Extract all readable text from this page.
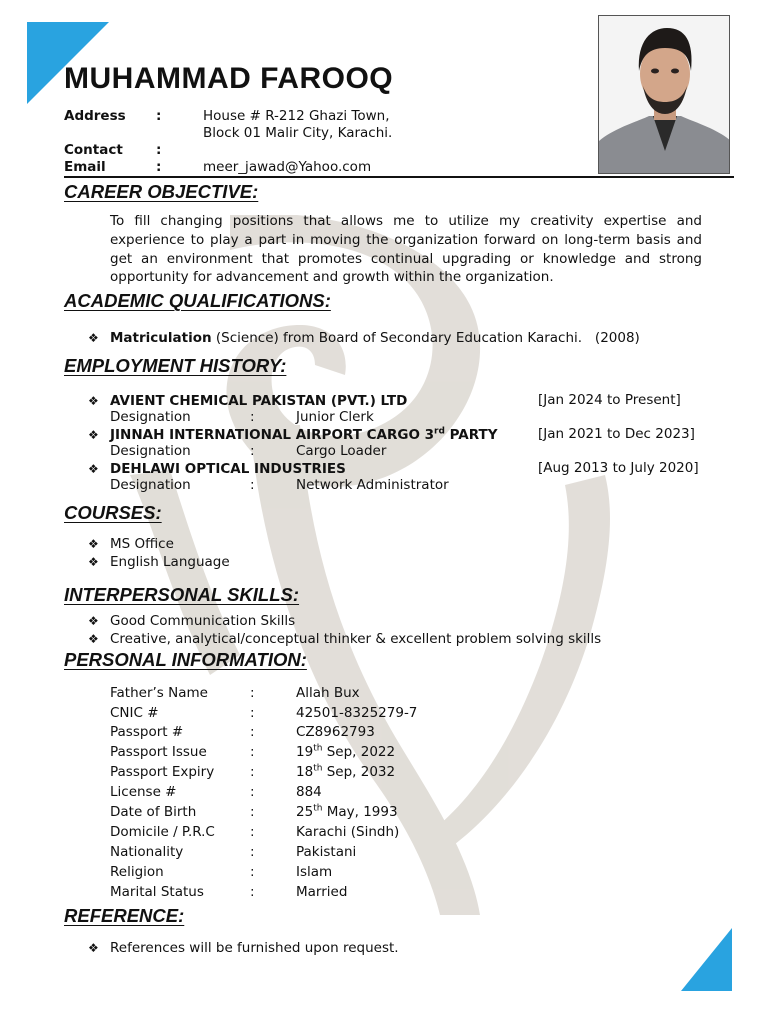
MUHAMMAD FAROOQ
Address :	House # R-212 Ghazi Town,
Block 01 Malir City, Karachi.
Contact :
Email	:	meer_jawad@Yahoo.com
CAREER OBJECTIVE:
To fill changing positions that allows me to utilize my creativity expertise and experience to play a part in moving the organization forward on long-term basis and get an environment that promotes continual upgrading or knowledge and strong opportunity for advancement and growth within the organization.
ACADEMIC QUALIFICATIONS:
❖ Matriculation (Science) from Board of Secondary Education Karachi.   (2008)
EMPLOYMENT HISTORY:
❖ AVIENT CHEMICAL PAKISTAN (PVT.) LTD	[Jan 2024 to Present]
Designation	:	Junior Clerk
❖ JINNAH INTERNATIONAL AIRPORT CARGO 3rd PARTY	[Jan 2021 to Dec 2023]
Designation	:	Cargo Loader
❖ DEHLAWI OPTICAL INDUSTRIES	[Aug 2013 to July 2020]
Designation	:	Network Administrator
COURSES:
❖ MS Office
❖ English Language
INTERPERSONAL SKILLS:
❖ Good Communication Skills
❖ Creative, analytical/conceptual thinker & excellent problem solving skills
PERSONAL INFORMATION:
Father’s Name	:	Allah Bux
CNIC #	:	42501-8325279-7
Passport #	:	CZ8962793
Passport Issue	:	19th Sep, 2022
Passport Expiry	:	18th Sep, 2032
License #	:	884
Date of Birth	:	25th May, 1993
Domicile / P.R.C	:	Karachi (Sindh)
Nationality	:	Pakistani
Religion	:	Islam
Marital Status	:	Married
REFERENCE:
❖ References will be furnished upon request.
